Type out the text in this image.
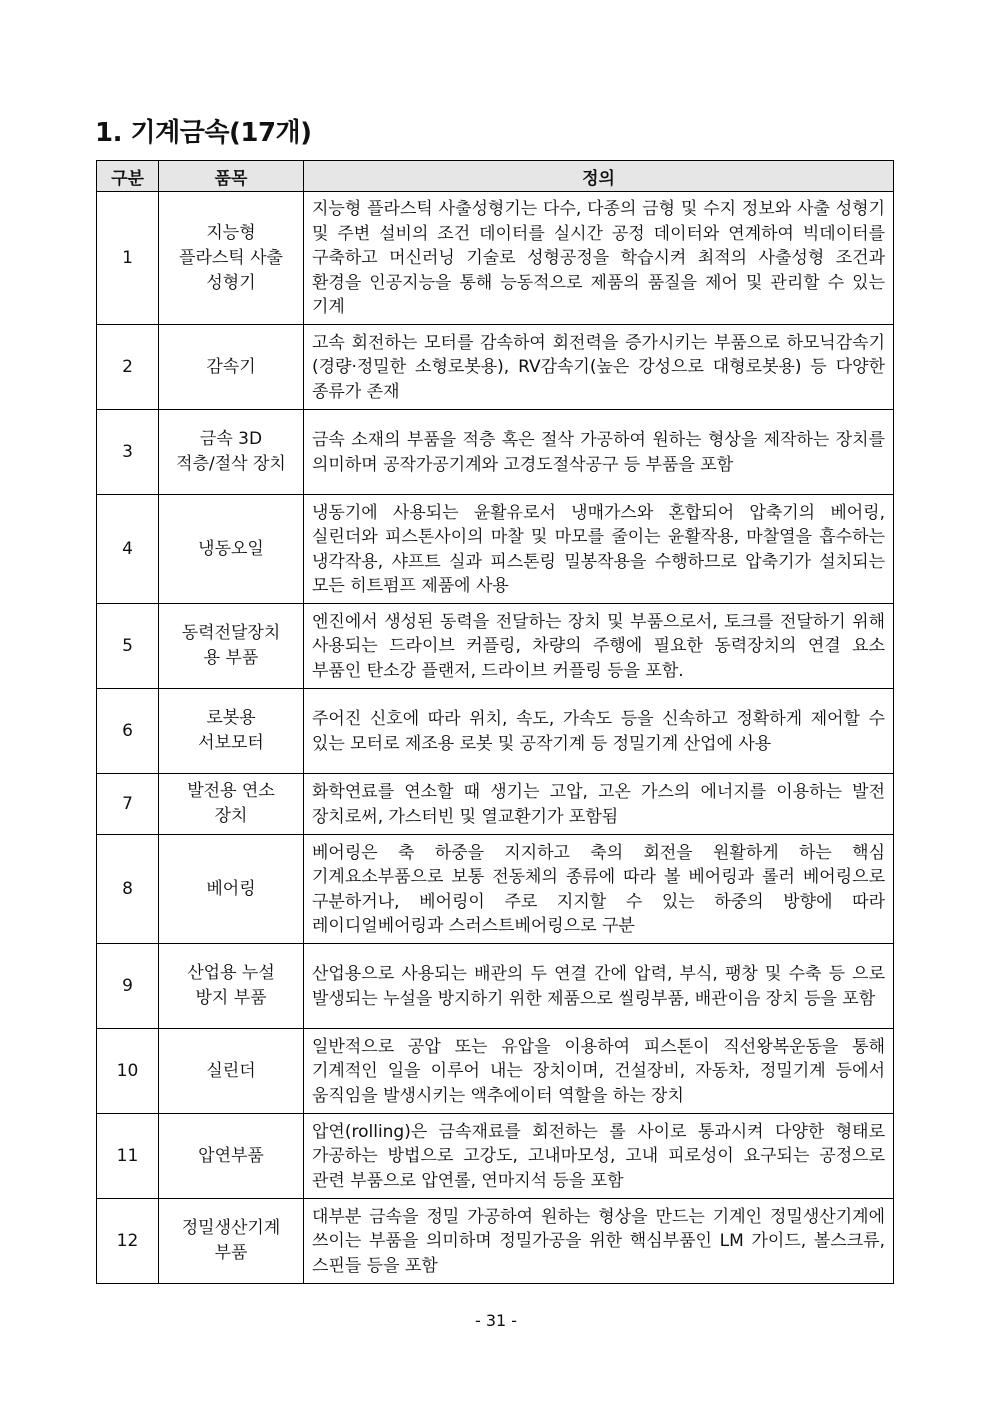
1. 기계금속(17개)
구분	품목	정의
1	지능형
플라스틱 사출
성형기	지능형 플라스틱 사출성형기는 다수, 다종의 금형 및 수지 정보와 사출 성형기 및 주변 설비의 조건 데이터를 실시간 공정 데이터와 연계하여 빅데이터를 구축하고 머신러닝 기술로 성형공정을 학습시켜 최적의 사출성형 조건과 환경을 인공지능을 통해 능동적으로 제품의 품질을 제어 및 관리할 수 있는 기계
2	감속기	고속 회전하는 모터를 감속하여 회전력을 증가시키는 부품으로 하모닉감속기(경량·정밀한 소형로봇용), RV감속기(높은 강성으로 대형로봇용) 등 다양한 종류가 존재
3	금속 3D
적층/절삭 장치	금속 소재의 부품을 적층 혹은 절삭 가공하여 원하는 형상을 제작하는 장치를 의미하며 공작가공기계와 고경도절삭공구 등 부품을 포함
4	냉동오일	냉동기에 사용되는 윤활유로서 냉매가스와 혼합되어 압축기의 베어링, 실린더와 피스톤사이의 마찰 및 마모를 줄이는 윤활작용, 마찰열을 흡수하는 냉각작용, 샤프트 실과 피스톤링 밀봉작용을 수행하므로 압축기가 설치되는 모든 히트펌프 제품에 사용
5	동력전달장치
용 부품	엔진에서 생성된 동력을 전달하는 장치 및 부품으로서, 토크를 전달하기 위해 사용되는 드라이브 커플링, 차량의 주행에 필요한 동력장치의 연결 요소 부품인 탄소강 플랜저, 드라이브 커플링 등을 포함.
6	로봇용
서보모터	주어진 신호에 따라 위치, 속도, 가속도 등을 신속하고 정확하게 제어할 수 있는 모터로 제조용 로봇 및 공작기계 등 정밀기계 산업에 사용
7	발전용 연소
장치	화학연료를 연소할 때 생기는 고압, 고온 가스의 에너지를 이용하는 발전 장치로써, 가스터빈 및 열교환기가 포함됨
8	베어링	베어링은 축 하중을 지지하고 축의 회전을 원활하게 하는 핵심 기계요소부품으로 보통 전동체의 종류에 따라 볼 베어링과 롤러 베어링으로 구분하거나, 베어링이 주로 지지할 수 있는 하중의 방향에 따라 레이디얼베어링과 스러스트베어링으로 구분
9	산업용 누설
방지 부품	산업용으로 사용되는 배관의 두 연결 간에 압력, 부식, 팽창 및 수축 등 으로 발생되는 누설을 방지하기 위한 제품으로 씰링부품, 배관이음 장치 등을 포함
10	실린더	일반적으로 공압 또는 유압을 이용하여 피스톤이 직선왕복운동을 통해 기계적인 일을 이루어 내는 장치이며, 건설장비, 자동차, 정밀기계 등에서 움직임을 발생시키는 액추에이터 역할을 하는 장치
11	압연부품	압연(rolling)은 금속재료를 회전하는 롤 사이로 통과시켜 다양한 형태로 가공하는 방법으로 고강도, 고내마모성, 고내 피로성이 요구되는 공정으로 관련 부품으로 압연롤, 연마지석 등을 포함
12	정밀생산기계
부품	대부분 금속을 정밀 가공하여 원하는 형상을 만드는 기계인 정밀생산기계에 쓰이는 부품을 의미하며 정밀가공을 위한 핵심부품인 LM 가이드, 볼스크류, 스핀들 등을 포함
- 31 -
